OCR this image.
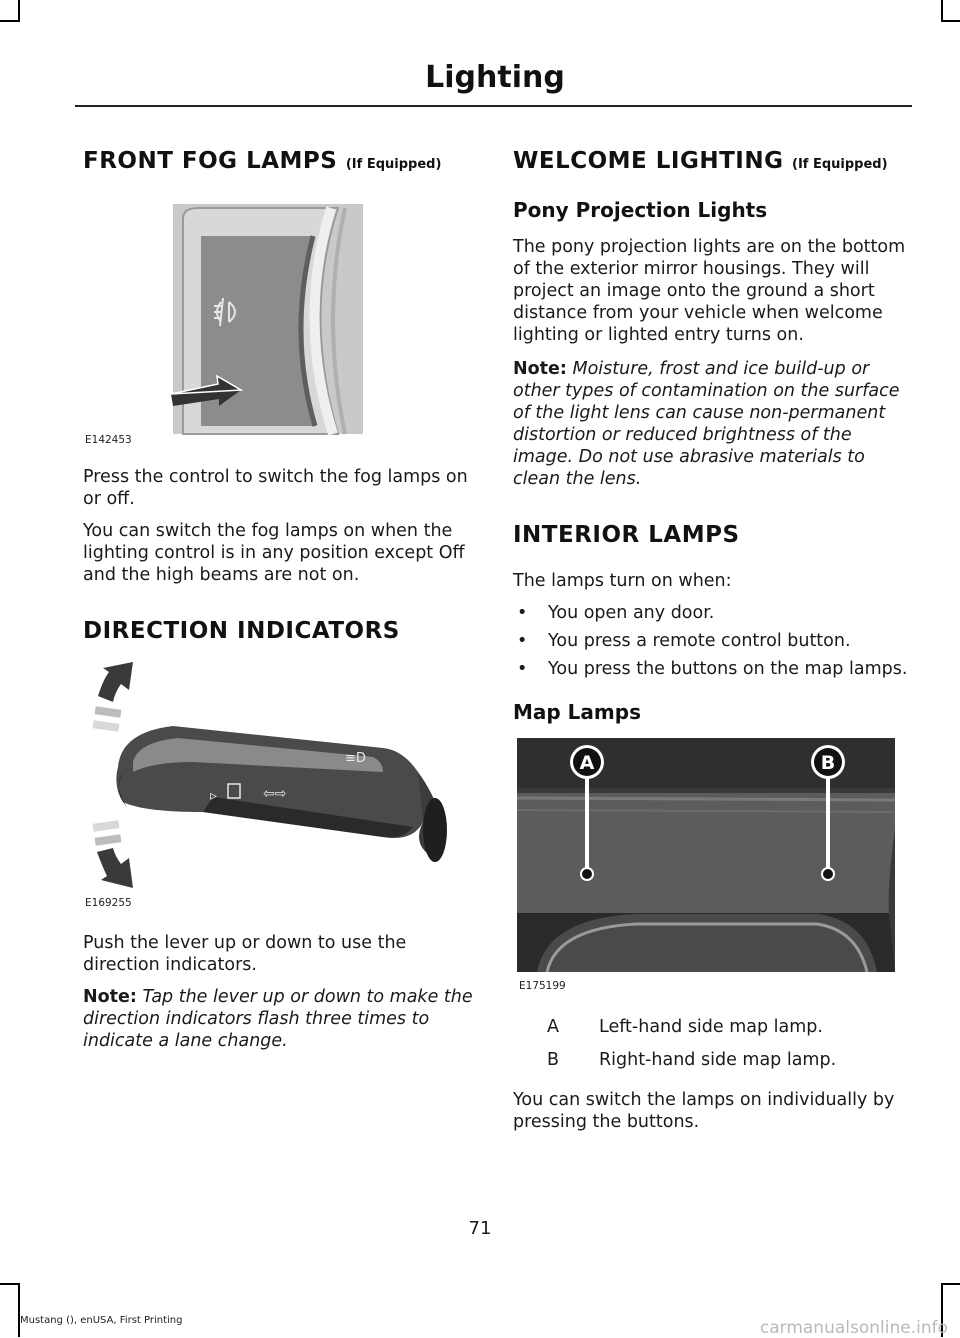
Lighting
FRONT FOG LAMPS (If Equipped)
E142453

Press the control to switch the fog lamps on or off.

You can switch the fog lamps on when the lighting control is in any position except Off and the high beams are not on.

DIRECTION INDICATORS
▹	⇦⇨
≡D
E169255

Push the lever up or down to use the direction indicators.

Note: Tap the lever up or down to make the direction indicators flash three times to indicate a lane change.

WELCOME LIGHTING (If Equipped)
Pony Projection Lights

The pony projection lights are on the bottom of the exterior mirror housings. They will project an image onto the ground a short distance from your vehicle when welcome lighting or lighted entry turns on.

Note: Moisture, frost and ice build-up or other types of contamination on the surface of the light lens can cause non-permanent distortion or reduced brightness of the image. Do not use abrasive materials to clean the lens.

INTERIOR LAMPS

The lamps turn on when:

• You open any door.
• You press a remote control button.
• You press the buttons on the map lamps.
Map Lamps
A	B
E175199
A	Left-hand side map lamp.
B	Right-hand side map lamp.

You can switch the lamps on individually by pressing the buttons.

71
Mustang (), enUSA, First Printing	carmanualsonline.info
